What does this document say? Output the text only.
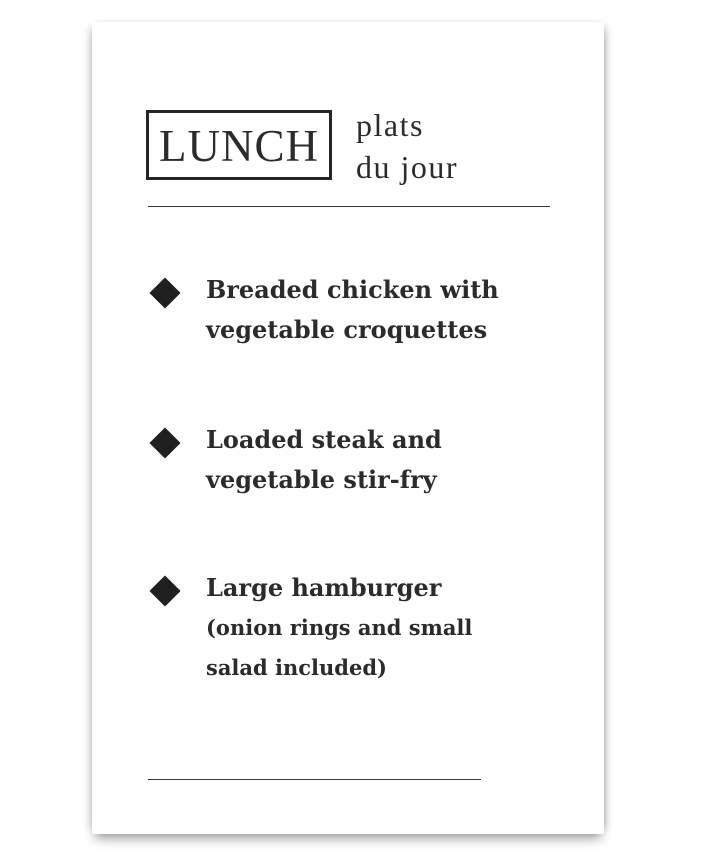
LUNCH plats
du jour
Breaded chicken with
vegetable croquettes
Loaded steak and
vegetable stir-fry
Large hamburger
(onion rings and small
salad included)
